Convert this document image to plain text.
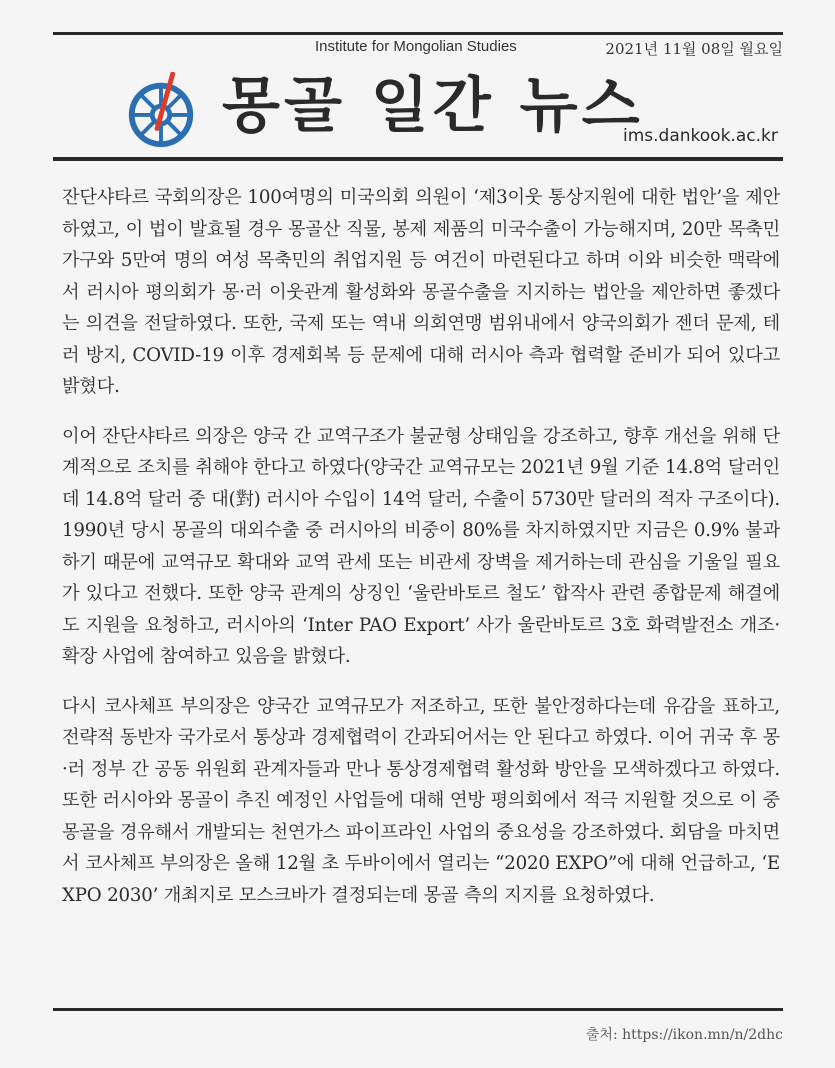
Institute for Mongolian Studies	2021년 11월 08일 월요일
몽골 일간 뉴스
ims.dankook.ac.kr

잔단샤타르 국회의장은 100여명의 미국의회 의원이 ‘제3이웃 통상지원에 대한 법안’을 제안하였고, 이 법이 발효될 경우 몽골산 직물, 봉제 제품의 미국수출이 가능해지며, 20만 목축민 가구와 5만여 명의 여성 목축민의 취업지원 등 여건이 마련된다고 하며 이와 비슷한 맥락에서 러시아 평의회가 몽·러 이웃관계 활성화와 몽골수출을 지지하는 법안을 제안하면 좋겠다는 의견을 전달하였다. 또한, 국제 또는 역내 의회연맹 범위내에서 양국의회가 젠더 문제, 테러 방지, COVID-19 이후 경제회복 등 문제에 대해 러시아 측과 협력할 준비가 되어 있다고 밝혔다.

이어 잔단샤타르 의장은 양국 간 교역구조가 불균형 상태임을 강조하고, 향후 개선을 위해 단계적으로 조치를 취해야 한다고 하였다(양국간 교역규모는 2021년 9월 기준 14.8억 달러인데 14.8억 달러 중 대(對) 러시아 수입이 14억 달러, 수출이 5730만 달러의 적자 구조이다). 1990년 당시 몽골의 대외수출 중 러시아의 비중이 80%를 차지하였지만 지금은 0.9% 불과하기 때문에 교역규모 확대와 교역 관세 또는 비관세 장벽을 제거하는데 관심을 기울일 필요가 있다고 전했다. 또한 양국 관계의 상징인 ‘울란바토르 철도’ 합작사 관련 종합문제 해결에도 지원을 요청하고, 러시아의 ‘Inter PAO Export’ 사가 울란바토르 3호 화력발전소 개조·확장 사업에 참여하고 있음을 밝혔다.

다시 코사체프 부의장은 양국간 교역규모가 저조하고, 또한 불안정하다는데 유감을 표하고, 전략적 동반자 국가로서 통상과 경제협력이 간과되어서는 안 된다고 하였다. 이어 귀국 후 몽·러 정부 간 공동 위원회 관계자들과 만나 통상경제협력 활성화 방안을 모색하겠다고 하였다. 또한 러시아와 몽골이 추진 예정인 사업들에 대해 연방 평의회에서 적극 지원할 것으로 이 중 몽골을 경유해서 개발되는 천연가스 파이프라인 사업의 중요성을 강조하였다. 회담을 마치면서 코사체프 부의장은 올해 12월 초 두바이에서 열리는 “2020 EXPO”에 대해 언급하고, ‘EXPO 2030’ 개최지로 모스크바가 결정되는데 몽골 측의 지지를 요청하였다.

출처: https://ikon.mn/n/2dhc
